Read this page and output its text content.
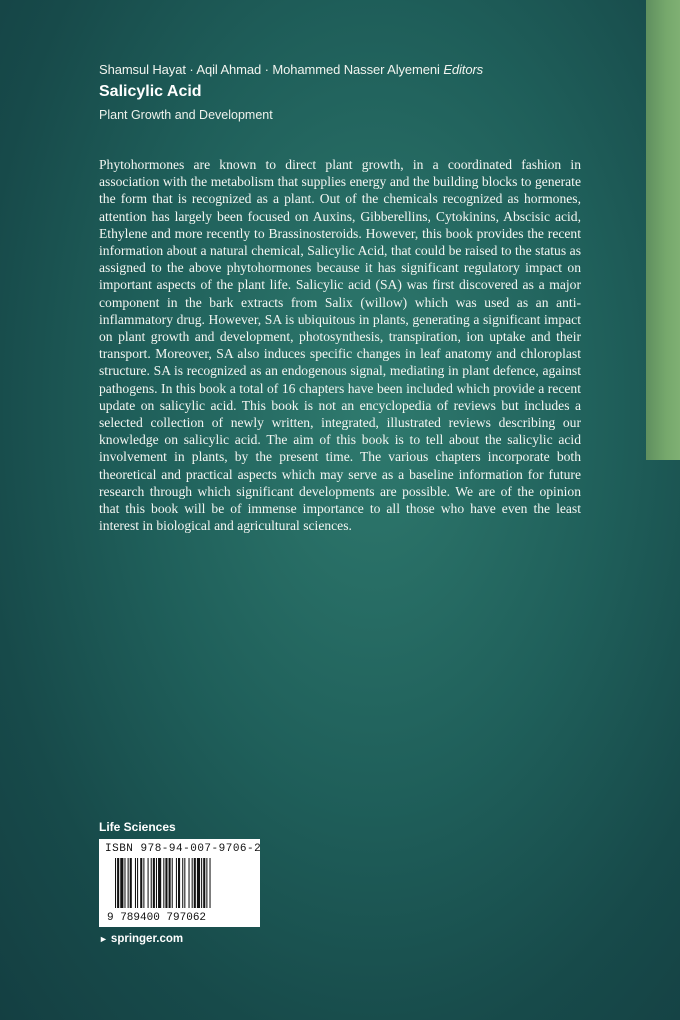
Shamsul Hayat · Aqil Ahmad · Mohammed Nasser Alyemeni Editors
Salicylic Acid
Plant Growth and Development
Phytohormones are known to direct plant growth, in a coordinated fashion in association with the metabolism that supplies energy and the building blocks to generate the form that is recognized as a plant. Out of the chemicals recognized as hormones, attention has largely been focused on Auxins, Gibberellins, Cytokinins, Abscisic acid, Ethylene and more recently to Brassinosteroids. However, this book provides the recent information about a natural chemical, Salicylic Acid, that could be raised to the status as assigned to the above phytohormones because it has significant regulatory impact on important aspects of the plant life. Salicylic acid (SA) was first discovered as a major component in the bark extracts from Salix (willow) which was used as an anti-inflammatory drug. However, SA is ubiquitous in plants, generating a significant impact on plant growth and development, photosynthesis, transpiration, ion uptake and their transport. Moreover, SA also induces specific changes in leaf anatomy and chloroplast structure. SA is recognized as an endogenous signal, mediating in plant defence, against pathogens. In this book a total of 16 chapters have been included which provide a recent update on salicylic acid. This book is not an encyclopedia of reviews but includes a selected collection of newly written, integrated, illustrated reviews describing our knowledge on salicylic acid. The aim of this book is to tell about the salicylic acid involvement in plants, by the present time. The various chapters incorporate both theoretical and practical aspects which may serve as a baseline information for future research through which significant developments are possible. We are of the opinion that this book will be of immense importance to all those who have even the least interest in biological and agricultural sciences.
Life Sciences
ISBN 978-94-007-9706-2
9 789400 797062
► springer.com
